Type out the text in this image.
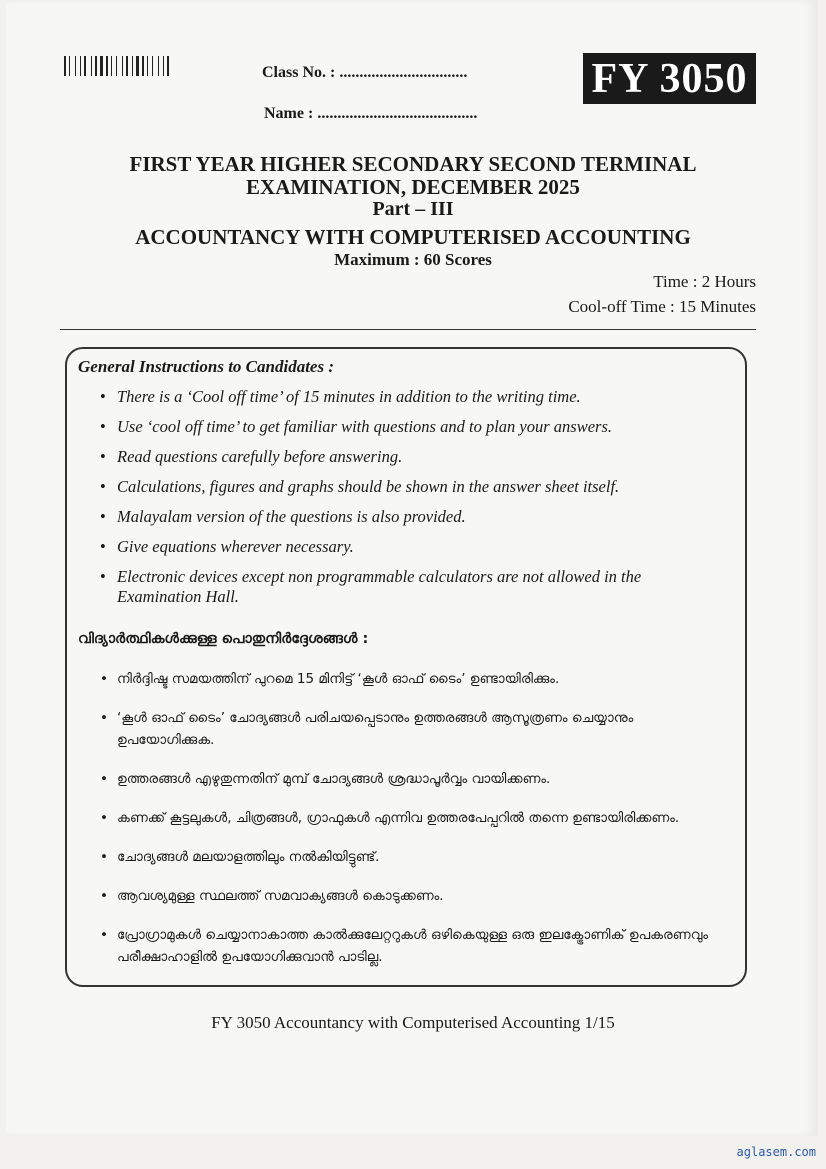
Class No. : ................................
Name : ........................................
FY 3050
FIRST YEAR HIGHER SECONDARY SECOND TERMINAL
EXAMINATION, DECEMBER 2025
Part – III
ACCOUNTANCY WITH COMPUTERISED ACCOUNTING
Maximum : 60 Scores
Time : 2 Hours
Cool-off Time : 15 Minutes
General Instructions to Candidates :
• There is a ‘Cool off time’ of 15 minutes in addition to the writing time.
• Use ‘cool off time’ to get familiar with questions and to plan your answers.
• Read questions carefully before answering.
• Calculations, figures and graphs should be shown in the answer sheet itself.
• Malayalam version of the questions is also provided.
• Give equations wherever necessary.
• Electronic devices except non programmable calculators are not allowed in the Examination Hall.
വിദ്യാർത്ഥികൾക്കുള്ള പൊതുനിർദ്ദേശങ്ങൾ :
• നിർദ്ദിഷ്ട സമയത്തിന് പുറമെ 15 മിനിട്ട് ‘കൂൾ ഓഫ് ടൈം’ ഉണ്ടായിരിക്കും.
• ‘കൂൾ ഓഫ് ടൈം’ ചോദ്യങ്ങൾ പരിചയപ്പെടാനും ഉത്തരങ്ങൾ ആസൂത്രണം ചെയ്യാനും ഉപയോഗിക്കുക.
• ഉത്തരങ്ങൾ എഴുതുന്നതിന് മുമ്പ് ചോദ്യങ്ങൾ ശ്രദ്ധാപൂർവ്വം വായിക്കണം.
• കണക്ക് കൂട്ടലുകൾ, ചിത്രങ്ങൾ, ഗ്രാഫുകൾ എന്നിവ ഉത്തരപേപ്പറിൽ തന്നെ ഉണ്ടായിരിക്കണം.
• ചോദ്യങ്ങൾ മലയാളത്തിലും നൽകിയിട്ടുണ്ട്.
• ആവശ്യമുള്ള സ്ഥലത്ത് സമവാക്യങ്ങൾ കൊടുക്കണം.
• പ്രോഗ്രാമുകൾ ചെയ്യാനാകാത്ത കാൽക്കുലേറ്ററുകൾ ഒഴികെയുള്ള ഒരു ഇലക്ട്രോണിക് ഉപകരണവും പരീക്ഷാഹാളിൽ ഉപയോഗിക്കുവാൻ പാടില്ല.
FY 3050 Accountancy with Computerised Accounting 1/15
aglasem.com
